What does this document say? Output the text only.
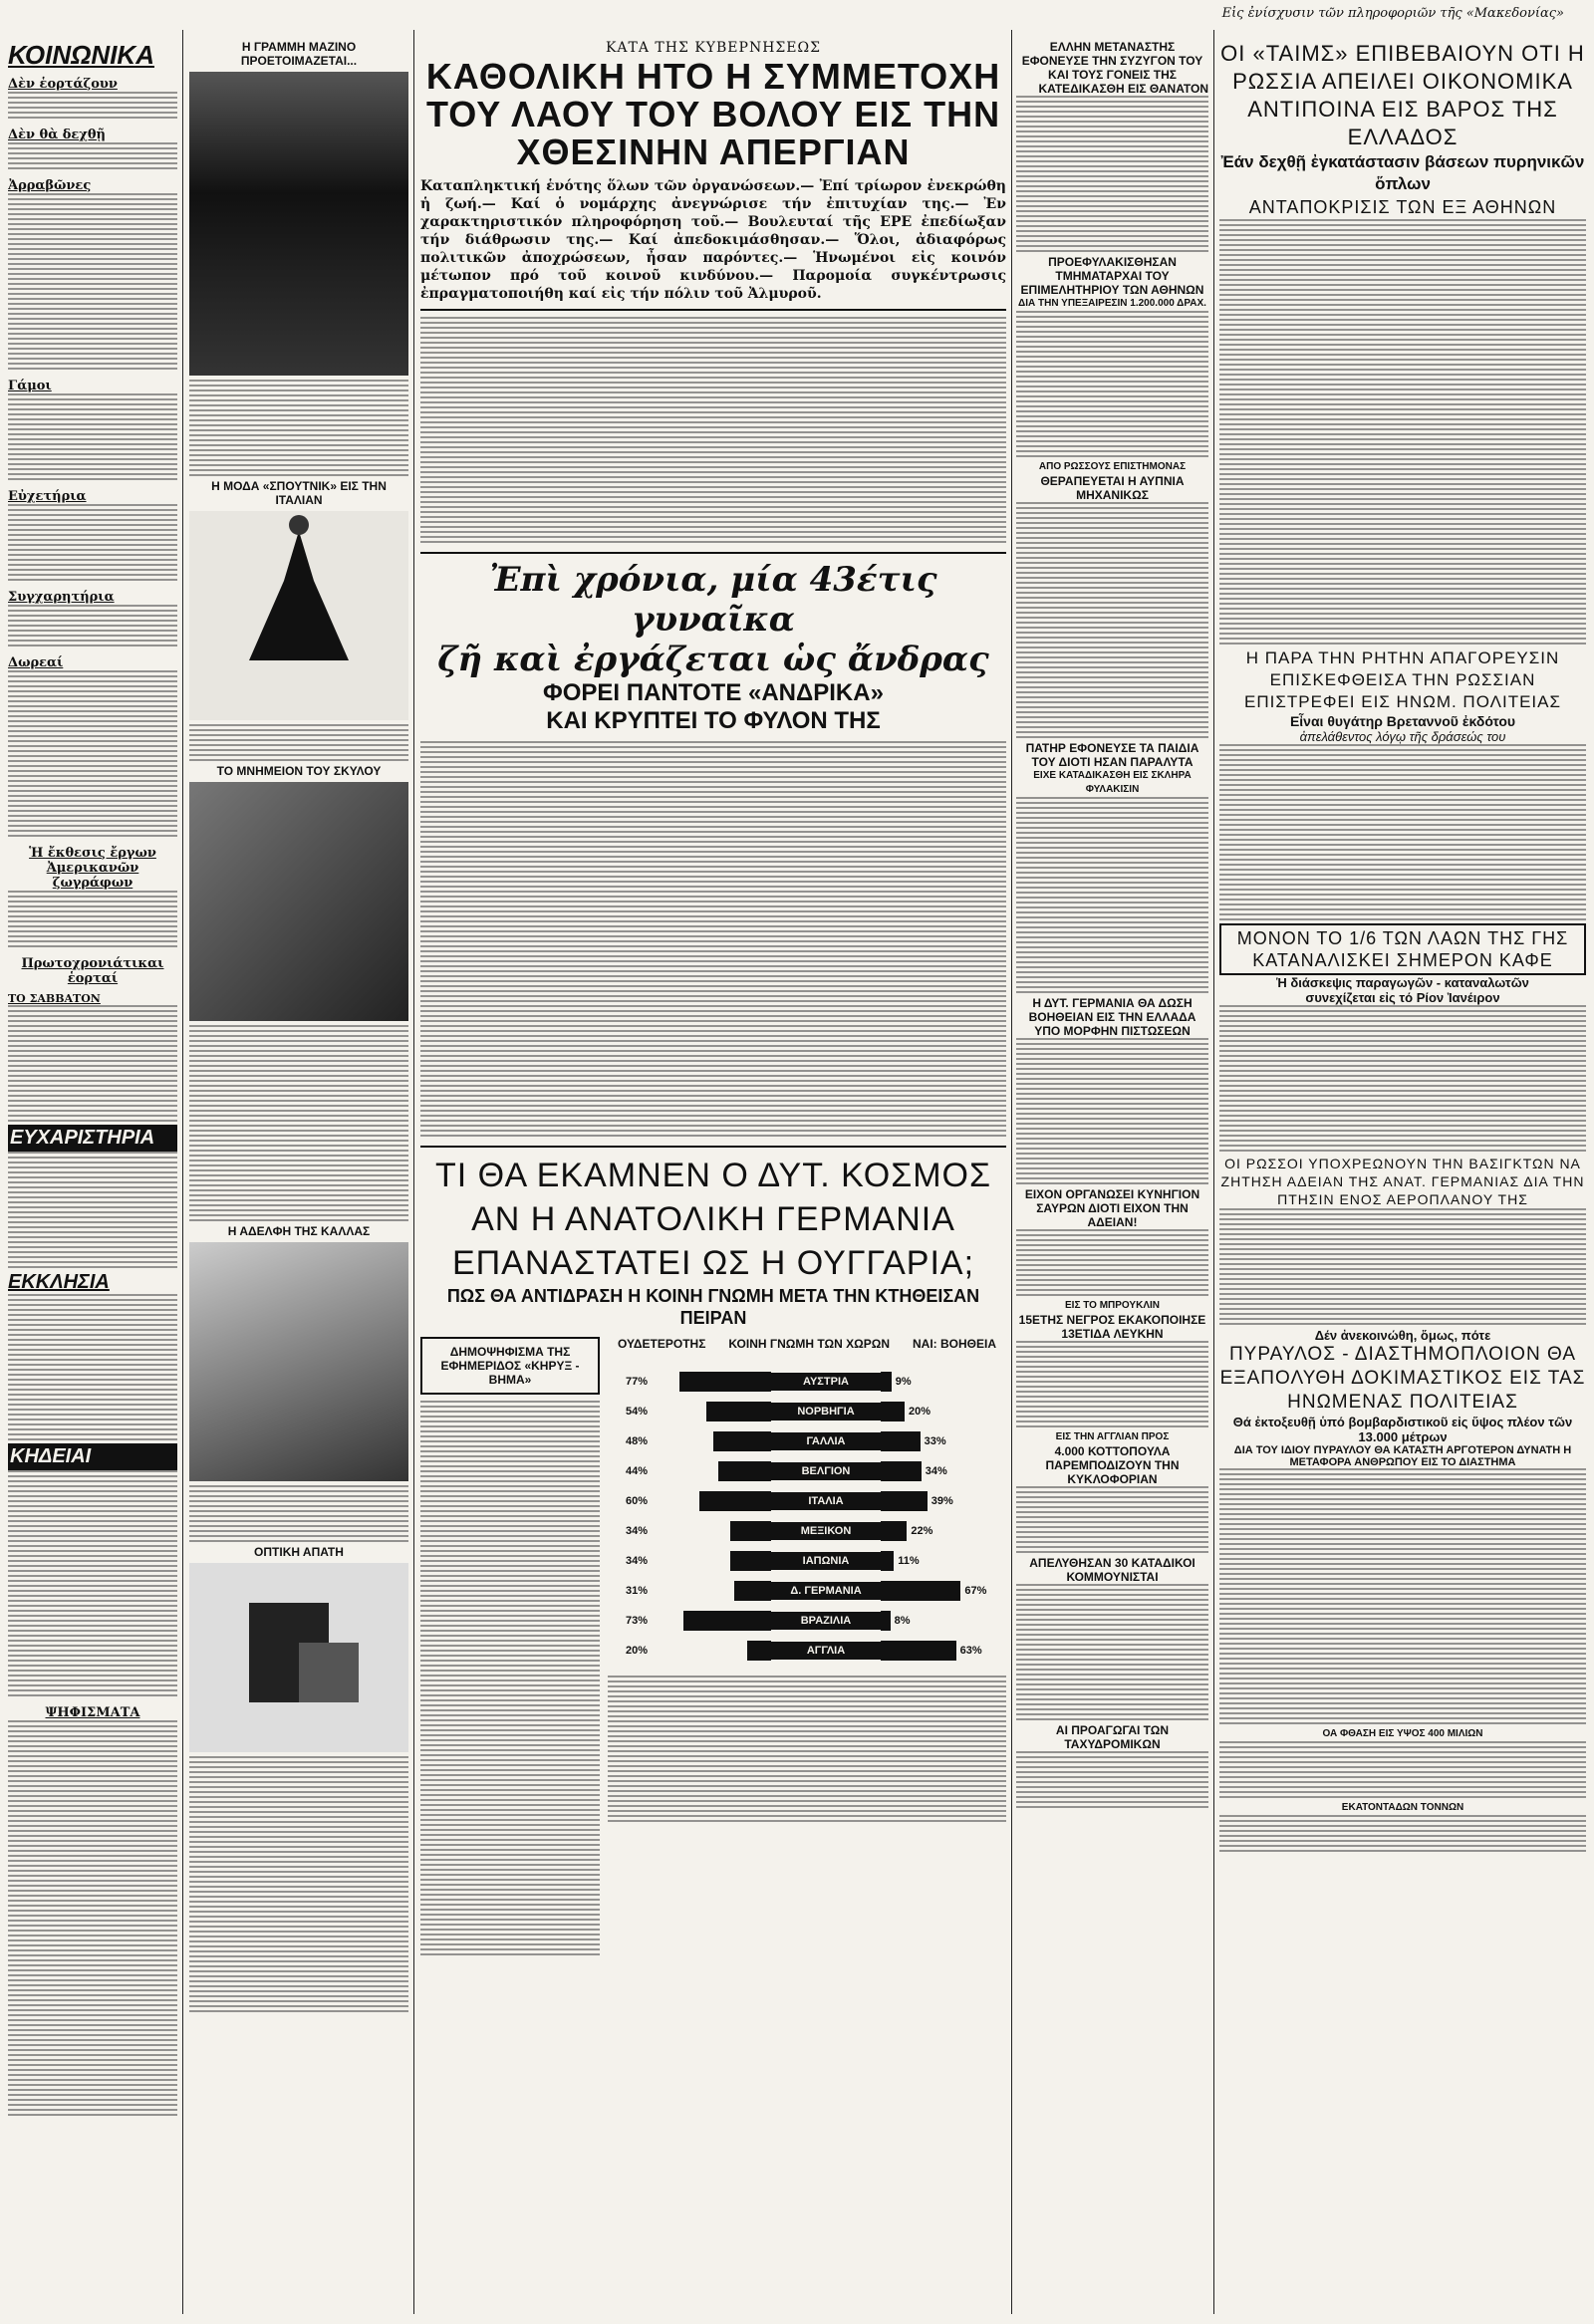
Εἰς ἐνίσχυσιν τῶν πληροφοριῶν τῆς «Μακεδονίας»
ΚΟΙΝΩΝΙΚΑ
Δὲν ἑορτάζουν
Δὲν θὰ δεχθῇ
Ἀρραβῶνες
Γάμοι
Εὐχετήρια
Συγχαρητήρια
Δωρεαί
Ἡ ἔκθεσις ἔργων Ἀμερικανῶν ζωγράφων
Πρωτοχρονιάτικαι ἑορταί
ΤΟ ΣΑΒΒΑΤΟΝ
ΕΥΧΑΡΙΣΤΗΡΙΑ
ΕΚΚΛΗΣΙΑ
ΚΗΔΕΙΑΙ
ΨΗΦΙΣΜΑΤΑ
Η ΓΡΑΜΜΗ ΜΑΖΙΝΟ ΠΡΟΕΤΟΙΜΑΖΕΤΑΙ...
Η ΜΟΔΑ «ΣΠΟΥΤΝΙΚ» ΕΙΣ ΤΗΝ ΙΤΑΛΙΑΝ
ΤΟ ΜΝΗΜΕΙΟΝ ΤΟΥ ΣΚΥΛΟΥ
Η ΑΔΕΛΦΗ ΤΗΣ ΚΑΛΛΑΣ
ΟΠΤΙΚΗ ΑΠΑΤΗ
ΚΑΤΑ ΤΗΣ ΚΥΒΕΡΝΗΣΕΩΣ
ΚΑΘΟΛΙΚΗ ΗΤΟ Η ΣΥΜΜΕΤΟΧΗ ΤΟΥ ΛΑΟΥ ΤΟΥ ΒΟΛΟΥ ΕΙΣ ΤΗΝ ΧΘΕΣΙΝΗΝ ΑΠΕΡΓΙΑΝ
Καταπληκτική ἑνότης ὅλων τῶν ὀργανώσεων.— Ἐπί τρίωρον ἐνεκρώθη ἡ ζωή.— Καί ὁ νομάρχης ἀνεγνώρισε τήν ἐπιτυχίαν της.— Ἐν χαρακτηριστικόν πληροφόρηση τοῦ.— Βουλευταί τῆς ΕΡΕ ἐπεδίωξαν τήν διάθρωσιν της.— Καί ἀπεδοκιμάσθησαν.— Ὅλοι, ἀδιαφόρως πολιτικῶν ἀποχρώσεων, ἦσαν παρόντες.— Ἡνωμένοι εἰς κοινόν μέτωπον πρό τοῦ κοινοῦ κινδύνου.— Παρομοία συγκέντρωσις ἐπραγματοποιήθη καί εἰς τήν πόλιν τοῦ Ἀλμυροῦ.
Ἐπὶ χρόνια, μία 43έτις γυναῖκα
ζῆ καὶ ἐργάζεται ὡς ἄνδρας
ΦΟΡΕΙ ΠΑΝΤΟΤΕ «ΑΝΔΡΙΚΑ»
ΚΑΙ ΚΡΥΠΤΕΙ ΤΟ ΦΥΛΟΝ ΤΗΣ
ΤΙ ΘΑ ΕΚΑΜΝΕΝ Ο ΔΥΤ. ΚΟΣΜΟΣ
ΑΝ Η ΑΝΑΤΟΛΙΚΗ ΓΕΡΜΑΝΙΑ
ΕΠΑΝΑΣΤΑΤΕΙ ΩΣ Η ΟΥΓΓΑΡΙΑ;
ΠΩΣ ΘΑ ΑΝΤΙΔΡΑΣΗ Η ΚΟΙΝΗ ΓΝΩΜΗ ΜΕΤΑ ΤΗΝ ΚΤΗΘΕΙΣΑΝ ΠΕΙΡΑΝ
ΔΗΜΟΨΗΦΙΣΜΑ ΤΗΣ ΕΦΗΜΕΡΙΔΟΣ «ΚΗΡΥΞ - ΒΗΜΑ»
ΟΥΔΕΤΕΡΟΤΗΣ ΚΟΙΝΗ ΓΝΩΜΗ ΤΩΝ ΧΩΡΩΝ ΝΑΙ: ΒΟΗΘΕΙΑ
77%	ΑΥΣΤΡΙΑ	9%
54%	ΝΟΡΒΗΓΙΑ	20%
48%	ΓΑΛΛΙΑ	33%
44%	ΒΕΛΓΙΟΝ	34%
60%	ΙΤΑΛΙΑ	39%
34%	ΜΕΞΙΚΟΝ	22%
34%	ΙΑΠΩΝΙΑ	11%
31%	Δ. ΓΕΡΜΑΝΙΑ	67%
73%	ΒΡΑΖΙΛΙΑ	8%
20%	ΑΓΓΛΙΑ	63%
ΕΛΛΗΝ ΜΕΤΑΝΑΣΤΗΣ ΕΦΟΝΕΥΣΕ ΤΗΝ ΣΥΖΥΓΟΝ ΤΟΥ ΚΑΙ ΤΟΥΣ ΓΟΝΕΙΣ ΤΗΣ
ΚΑΤΕΔΙΚΑΣΘΗ ΕΙΣ ΘΑΝΑΤΟΝ
ΠΡΟΕΦΥΛΑΚΙΣΘΗΣΑΝ ΤΜΗΜΑΤΑΡΧΑΙ ΤΟΥ ΕΠΙΜΕΛΗΤΗΡΙΟΥ ΤΩΝ ΑΘΗΝΩΝ
ΔΙΑ ΤΗΝ ΥΠΕΞΑΙΡΕΣΙΝ 1.200.000 ΔΡΑΧ.
ΑΠΟ ΡΩΣΣΟΥΣ ΕΠΙΣΤΗΜΟΝΑΣ
ΘΕΡΑΠΕΥΕΤΑΙ Η ΑΥΠΝΙΑ ΜΗΧΑΝΙΚΩΣ
ΠΑΤΗΡ ΕΦΟΝΕΥΣΕ ΤΑ ΠΑΙΔΙΑ ΤΟΥ ΔΙΟΤΙ ΗΣΑΝ ΠΑΡΑΛΥΤΑ
ΕΙΧΕ ΚΑΤΑΔΙΚΑΣΘΗ ΕΙΣ ΣΚΛΗΡΑ ΦΥΛΑΚΙΣΙΝ
Η ΔΥΤ. ΓΕΡΜΑΝΙΑ ΘΑ ΔΩΣΗ ΒΟΗΘΕΙΑΝ ΕΙΣ ΤΗΝ ΕΛΛΑΔΑ ΥΠΟ ΜΟΡΦΗΝ ΠΙΣΤΩΣΕΩΝ
ΕΙΧΟΝ ΟΡΓΑΝΩΣΕΙ ΚΥΝΗΓΙΟΝ ΣΑΥΡΩΝ ΔΙΟΤΙ ΕΙΧΟΝ ΤΗΝ ΑΔΕΙΑΝ!
ΕΙΣ ΤΟ ΜΠΡΟΥΚΛΙΝ
15ΕΤΗΣ ΝΕΓΡΟΣ ΕΚΑΚΟΠΟΙΗΣΕ 13ΕΤΙΔΑ ΛΕΥΚΗΝ
ΕΙΣ ΤΗΝ ΑΓΓΛΙΑΝ ΠΡΟΣ
4.000 ΚΟΤΤΟΠΟΥΛΑ ΠΑΡΕΜΠΟΔΙΖΟΥΝ ΤΗΝ ΚΥΚΛΟΦΟΡΙΑΝ
ΑΠΕΛΥΘΗΣΑΝ 30 ΚΑΤΑΔΙΚΟΙ ΚΟΜΜΟΥΝΙΣΤΑΙ
ΑΙ ΠΡΟΑΓΩΓΑΙ ΤΩΝ ΤΑΧΥΔΡΟΜΙΚΩΝ
ΟΙ «ΤΑΙΜΣ» ΕΠΙΒΕΒΑΙΟΥΝ ΟΤΙ Η ΡΩΣΣΙΑ ΑΠΕΙΛΕΙ ΟΙΚΟΝΟΜΙΚΑ ΑΝΤΙΠΟΙΝΑ ΕΙΣ ΒΑΡΟΣ ΤΗΣ ΕΛΛΑΔΟΣ
Ἐάν δεχθῇ ἐγκατάστασιν βάσεων πυρηνικῶν ὅπλων
ΑΝΤΑΠΟΚΡΙΣΙΣ ΤΩΝ ΕΞ ΑΘΗΝΩΝ
Η ΠΑΡΑ ΤΗΝ ΡΗΤΗΝ ΑΠΑΓΟΡΕΥΣΙΝ ΕΠΙΣΚΕΦΘΕΙΣΑ ΤΗΝ ΡΩΣΣΙΑΝ ΕΠΙΣΤΡΕΦΕΙ ΕΙΣ ΗΝΩΜ. ΠΟΛΙΤΕΙΑΣ
Εἶναι θυγάτηρ Βρεταννοῦ ἐκδότου
ἀπελάθεντος λόγῳ τῆς δράσεώς του
ΜΟΝΟΝ ΤΟ 1/6 ΤΩΝ ΛΑΩΝ ΤΗΣ ΓΗΣ ΚΑΤΑΝΑΛΙΣΚΕΙ ΣΗΜΕΡΟΝ ΚΑΦΕ
Ἡ διάσκεψις παραγωγῶν - καταναλωτῶν
συνεχίζεται εἰς τό Ρίον Ἰανέιρον
ΟΙ ΡΩΣΣΟΙ ΥΠΟΧΡΕΩΝΟΥΝ ΤΗΝ ΒΑΣΙΓΚΤΩΝ ΝΑ ΖΗΤΗΣΗ ΑΔΕΙΑΝ ΤΗΣ ΑΝΑΤ. ΓΕΡΜΑΝΙΑΣ ΔΙΑ ΤΗΝ ΠΤΗΣΙΝ ΕΝΟΣ ΑΕΡΟΠΛΑΝΟΥ ΤΗΣ
Δέν ἀνεκοινώθη, ὅμως, πότε
ΠΥΡΑΥΛΟΣ - ΔΙΑΣΤΗΜΟΠΛΟΙΟΝ ΘΑ ΕΞΑΠΟΛΥΘΗ ΔΟΚΙΜΑΣΤΙΚΟΣ ΕΙΣ ΤΑΣ ΗΝΩΜΕΝΑΣ ΠΟΛΙΤΕΙΑΣ
Θά ἐκτοξευθῇ ὑπό βομβαρδιστικοῦ εἰς ὕψος πλέον τῶν 13.000 μέτρων
ΔΙΑ ΤΟΥ ΙΔΙΟΥ ΠΥΡΑΥΛΟΥ ΘΑ ΚΑΤΑΣΤΗ ΑΡΓΟΤΕΡΟΝ ΔΥΝΑΤΗ Η ΜΕΤΑΦΟΡΑ ΑΝΘΡΩΠΟΥ ΕΙΣ ΤΟ ΔΙΑΣΤΗΜΑ
ΟΑ ΦΘΑΣΗ ΕΙΣ ΥΨΟΣ 400 ΜΙΛΙΩΝ
ΕΚΑΤΟΝΤΑΔΩΝ ΤΟΝΝΩΝ
